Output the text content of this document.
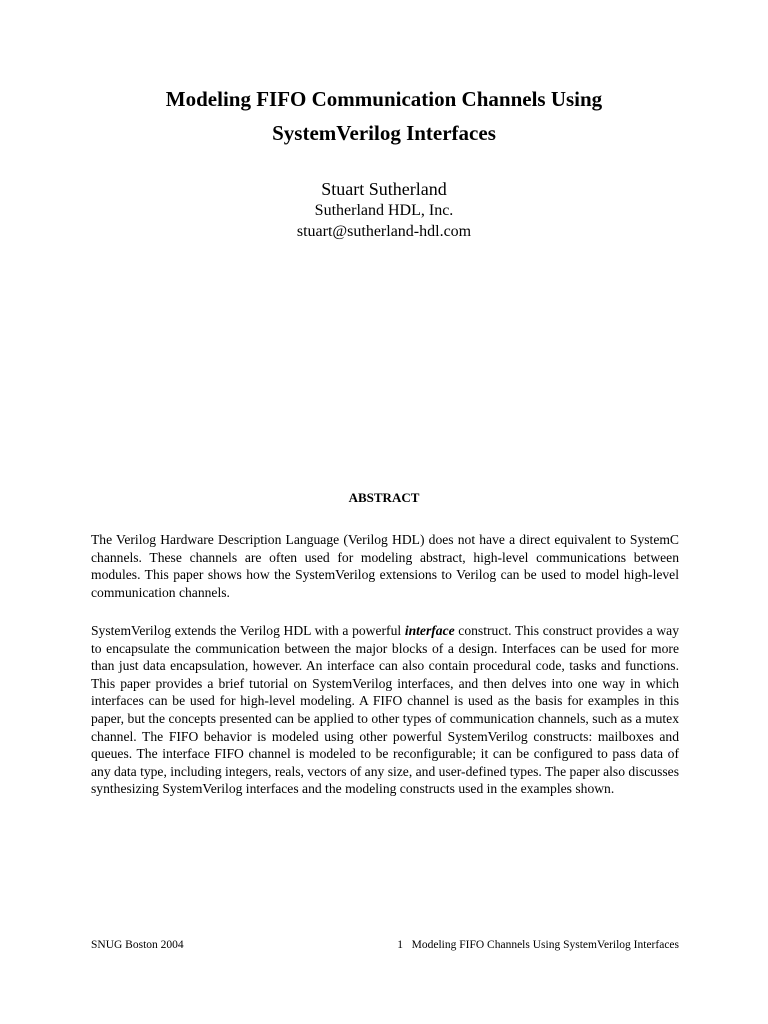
Modeling FIFO Communication Channels Using
SystemVerilog Interfaces
Stuart Sutherland
Sutherland HDL, Inc.
stuart@sutherland-hdl.com
ABSTRACT
The Verilog Hardware Description Language (Verilog HDL) does not have a direct equivalent to SystemC channels. These channels are often used for modeling abstract, high-level communications between modules. This paper shows how the SystemVerilog extensions to Verilog can be used to model high-level communication channels.
SystemVerilog extends the Verilog HDL with a powerful interface construct. This construct provides a way to encapsulate the communication between the major blocks of a design. Interfaces can be used for more than just data encapsulation, however. An interface can also contain procedural code, tasks and functions. This paper provides a brief tutorial on SystemVerilog interfaces, and then delves into one way in which interfaces can be used for high-level modeling. A FIFO channel is used as the basis for examples in this paper, but the concepts presented can be applied to other types of communication channels, such as a mutex channel. The FIFO behavior is modeled using other powerful SystemVerilog constructs: mailboxes and queues. The interface FIFO channel is modeled to be reconfigurable; it can be configured to pass data of any data type, including integers, reals, vectors of any size, and user-defined types. The paper also discusses synthesizing SystemVerilog interfaces and the modeling constructs used in the examples shown.
SNUG Boston 2004	1 Modeling FIFO Channels Using SystemVerilog Interfaces
